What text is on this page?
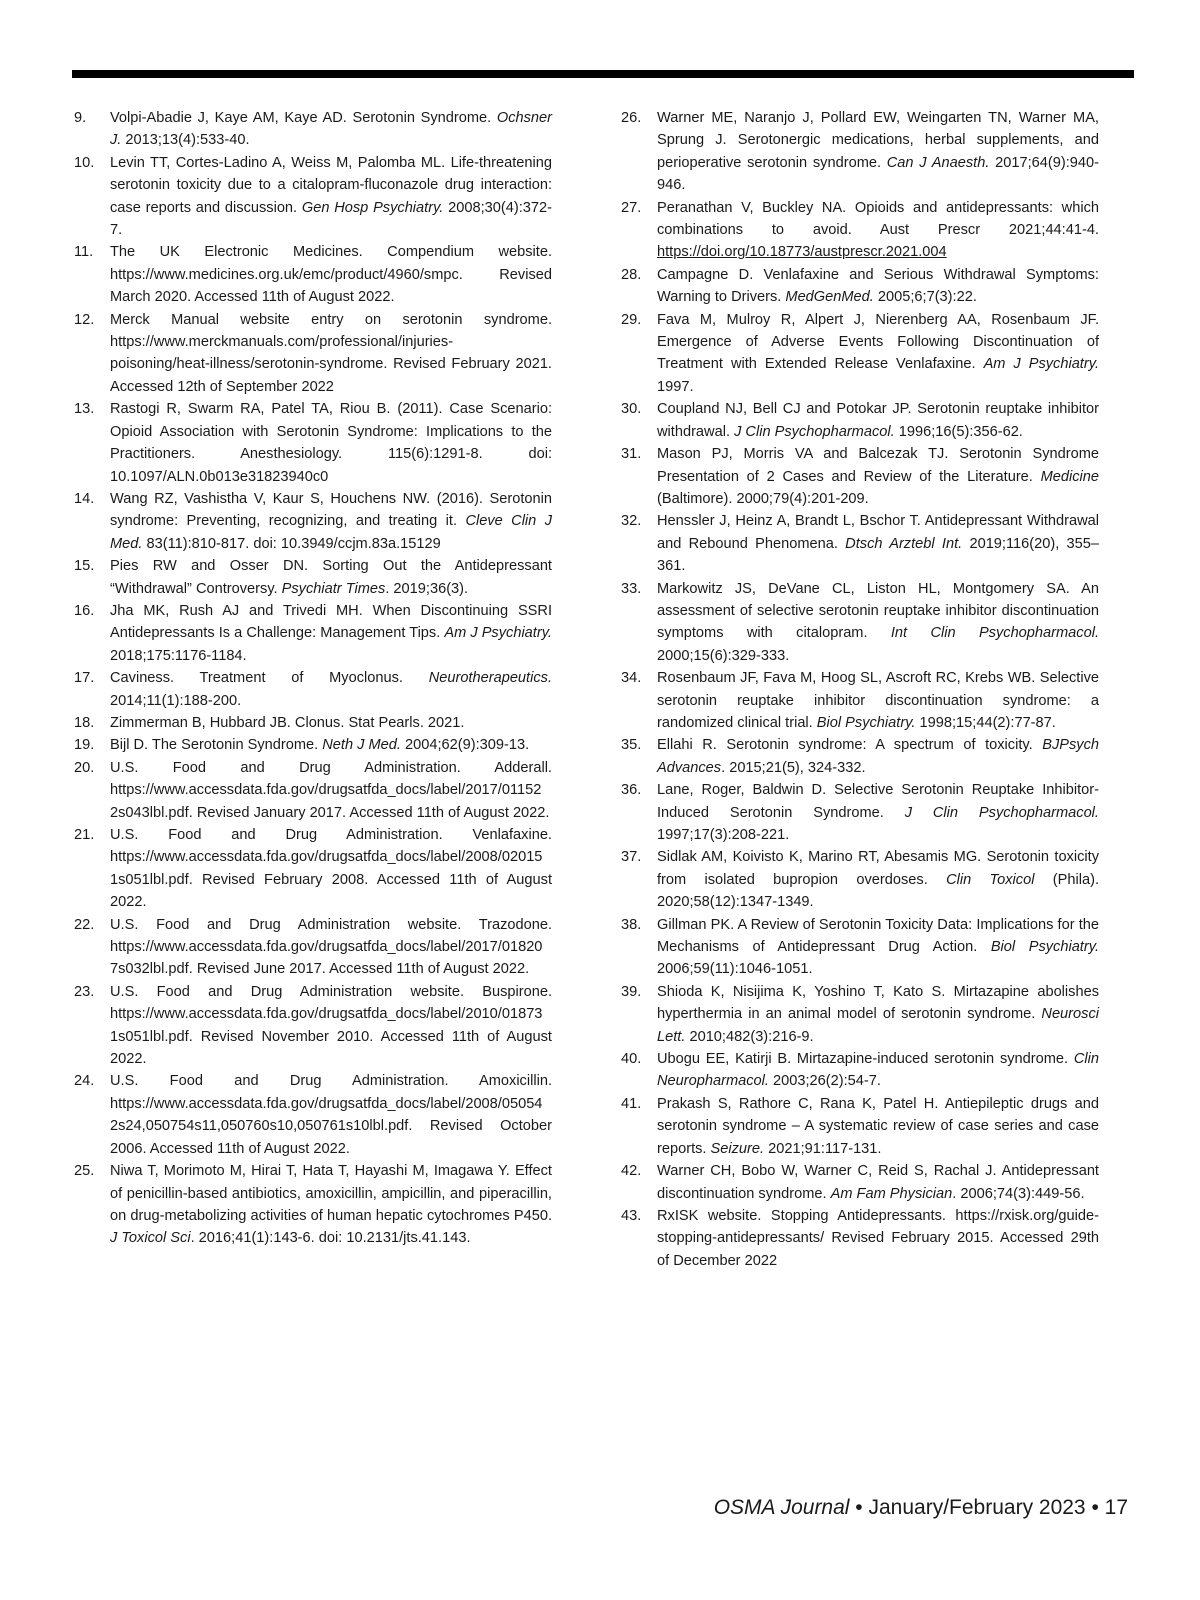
9.	Volpi-Abadie J, Kaye AM, Kaye AD. Serotonin Syndrome. Ochsner J. 2013;13(4):533-40.
10.	Levin TT, Cortes-Ladino A, Weiss M, Palomba ML. Life-threatening serotonin toxicity due to a citalopram-fluconazole drug interaction: case reports and discussion. Gen Hosp Psychiatry. 2008;30(4):372-7.
11.	The UK Electronic Medicines. Compendium website. https://www.medicines.org.uk/emc/product/4960/smpc. Revised March 2020. Accessed 11th of August 2022.
12.	Merck Manual website entry on serotonin syndrome. https://www.merckmanuals.com/professional/injuries-poisoning/heat-illness/serotonin-syndrome. Revised February 2021. Accessed 12th of September 2022
13.	Rastogi R, Swarm RA, Patel TA, Riou B. (2011). Case Scenario: Opioid Association with Serotonin Syndrome: Implications to the Practitioners. Anesthesiology. 115(6):1291-8. doi: 10.1097/ALN.0b013e31823940c0
14.	Wang RZ, Vashistha V, Kaur S, Houchens NW. (2016). Serotonin syndrome: Preventing, recognizing, and treating it. Cleve Clin J Med. 83(11):810-817. doi: 10.3949/ccjm.83a.15129
15.	Pies RW and Osser DN. Sorting Out the Antidepressant “Withdrawal” Controversy. Psychiatr Times. 2019;36(3).
16.	Jha MK, Rush AJ and Trivedi MH. When Discontinuing SSRI Antidepressants Is a Challenge: Management Tips. Am J Psychiatry. 2018;175:1176-1184.
17.	Caviness. Treatment of Myoclonus. Neurotherapeutics. 2014;11(1):188-200.
18.	Zimmerman B, Hubbard JB. Clonus. Stat Pearls. 2021.
19.	Bijl D. The Serotonin Syndrome. Neth J Med. 2004;62(9):309-13.
20.	U.S. Food and Drug Administration. Adderall. https://www.accessdata.fda.gov/drugsatfda_docs/label/2017/01152 2s043lbl.pdf. Revised January 2017. Accessed 11th of August 2022.
21.	U.S. Food and Drug Administration. Venlafaxine. https://www.accessdata.fda.gov/drugsatfda_docs/label/2008/02015 1s051lbl.pdf. Revised February 2008. Accessed 11th of August 2022.
22.	U.S. Food and Drug Administration website. Trazodone. https://www.accessdata.fda.gov/drugsatfda_docs/label/2017/01820 7s032lbl.pdf. Revised June 2017. Accessed 11th of August 2022.
23.	U.S. Food and Drug Administration website. Buspirone. https://www.accessdata.fda.gov/drugsatfda_docs/label/2010/01873 1s051lbl.pdf. Revised November 2010. Accessed 11th of August 2022.
24.	U.S. Food and Drug Administration. Amoxicillin. https://www.accessdata.fda.gov/drugsatfda_docs/label/2008/05054 2s24,050754s11,050760s10,050761s10lbl.pdf. Revised October 2006. Accessed 11th of August 2022.
25.	Niwa T, Morimoto M, Hirai T, Hata T, Hayashi M, Imagawa Y. Effect of penicillin-based antibiotics, amoxicillin, ampicillin, and piperacillin, on drug-metabolizing activities of human hepatic cytochromes P450. J Toxicol Sci. 2016;41(1):143-6. doi: 10.2131/jts.41.143.
26.	Warner ME, Naranjo J, Pollard EW, Weingarten TN, Warner MA, Sprung J. Serotonergic medications, herbal supplements, and perioperative serotonin syndrome. Can J Anaesth. 2017;64(9):940-946.
27.	Peranathan V, Buckley NA. Opioids and antidepressants: which combinations to avoid. Aust Prescr 2021;44:41-4. https://doi.org/10.18773/austprescr.2021.004
28.	Campagne D. Venlafaxine and Serious Withdrawal Symptoms: Warning to Drivers. MedGenMed. 2005;6;7(3):22.
29.	Fava M, Mulroy R, Alpert J, Nierenberg AA, Rosenbaum JF. Emergence of Adverse Events Following Discontinuation of Treatment with Extended Release Venlafaxine. Am J Psychiatry. 1997.
30.	Coupland NJ, Bell CJ and Potokar JP. Serotonin reuptake inhibitor withdrawal. J Clin Psychopharmacol. 1996;16(5):356-62.
31.	Mason PJ, Morris VA and Balcezak TJ. Serotonin Syndrome Presentation of 2 Cases and Review of the Literature. Medicine (Baltimore). 2000;79(4):201-209.
32.	Henssler J, Heinz A, Brandt L, Bschor T. Antidepressant Withdrawal and Rebound Phenomena. Dtsch Arztebl Int. 2019;116(20), 355–361.
33.	Markowitz JS, DeVane CL, Liston HL, Montgomery SA. An assessment of selective serotonin reuptake inhibitor discontinuation symptoms with citalopram. Int Clin Psychopharmacol. 2000;15(6):329-333.
34.	Rosenbaum JF, Fava M, Hoog SL, Ascroft RC, Krebs WB. Selective serotonin reuptake inhibitor discontinuation syndrome: a randomized clinical trial. Biol Psychiatry. 1998;15;44(2):77-87.
35.	Ellahi R. Serotonin syndrome: A spectrum of toxicity. BJPsych Advances. 2015;21(5), 324-332.
36.	Lane, Roger, Baldwin D. Selective Serotonin Reuptake Inhibitor-Induced Serotonin Syndrome. J Clin Psychopharmacol. 1997;17(3):208-221.
37.	Sidlak AM, Koivisto K, Marino RT, Abesamis MG. Serotonin toxicity from isolated bupropion overdoses. Clin Toxicol (Phila). 2020;58(12):1347-1349.
38.	Gillman PK. A Review of Serotonin Toxicity Data: Implications for the Mechanisms of Antidepressant Drug Action. Biol Psychiatry. 2006;59(11):1046-1051.
39.	Shioda K, Nisijima K, Yoshino T, Kato S. Mirtazapine abolishes hyperthermia in an animal model of serotonin syndrome. Neurosci Lett. 2010;482(3):216-9.
40.	Ubogu EE, Katirji B. Mirtazapine-induced serotonin syndrome. Clin Neuropharmacol. 2003;26(2):54-7.
41.	Prakash S, Rathore C, Rana K, Patel H. Antiepileptic drugs and serotonin syndrome – A systematic review of case series and case reports. Seizure. 2021;91:117-131.
42.	Warner CH, Bobo W, Warner C, Reid S, Rachal J. Antidepressant discontinuation syndrome. Am Fam Physician. 2006;74(3):449-56.
43.	RxISK website. Stopping Antidepressants. https://rxisk.org/guide-stopping-antidepressants/ Revised February 2015. Accessed 29th of December 2022
OSMA Journal • January/February 2023 • 17
